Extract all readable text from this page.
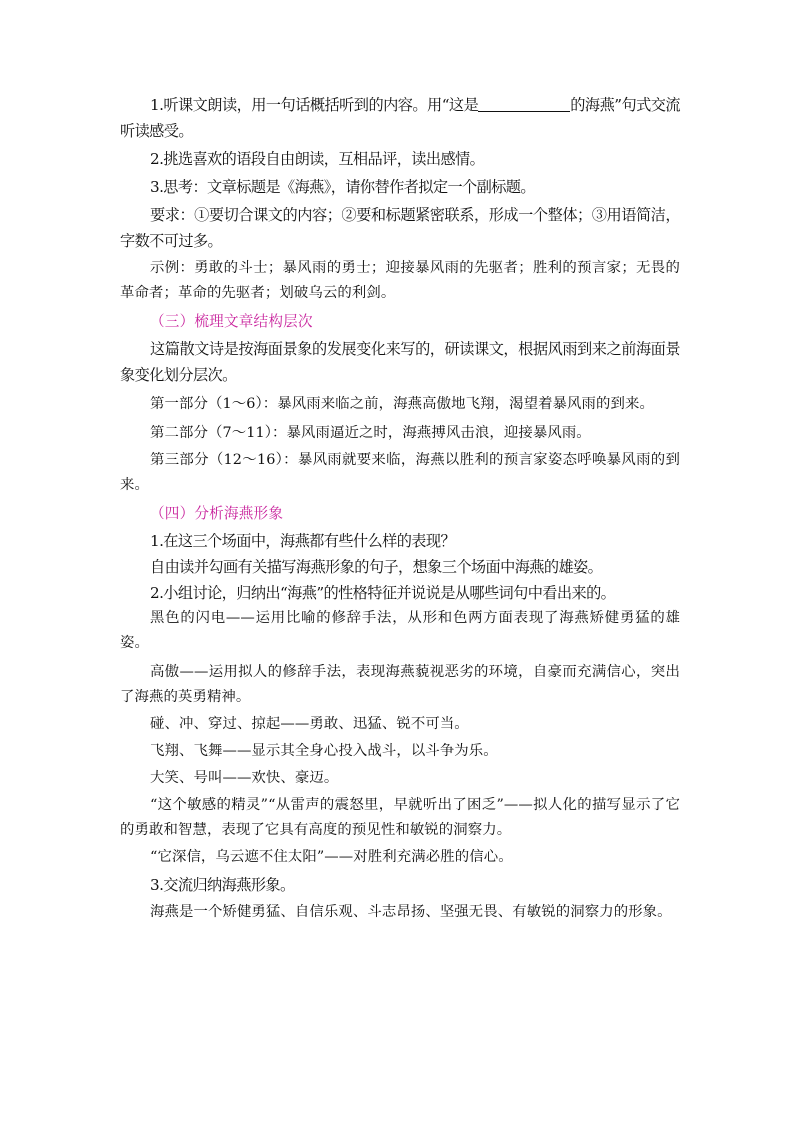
1.听课文朗读，用一句话概括听到的内容。用“这是	的海燕”句式交流听读感受。

2.挑选喜欢的语段自由朗读，互相品评，读出感情。

3.思考：文章标题是《海燕》，请你替作者拟定一个副标题。

要求：①要切合课文的内容；②要和标题紧密联系，形成一个整体；③用语简洁，字数不可过多。

示例：勇敢的斗士；暴风雨的勇士；迎接暴风雨的先驱者；胜利的预言家；无畏的革命者；革命的先驱者；划破乌云的利剑。

（三）梳理文章结构层次

这篇散文诗是按海面景象的发展变化来写的，研读课文，根据风雨到来之前海面景象变化划分层次。

第一部分（1～6）：暴风雨来临之前，海燕高傲地飞翔，渴望着暴风雨的到来。

第二部分（7～11）：暴风雨逼近之时，海燕搏风击浪，迎接暴风雨。

第三部分（12～16）：暴风雨就要来临，海燕以胜利的预言家姿态呼唤暴风雨的到来。

（四）分析海燕形象

1.在这三个场面中，海燕都有些什么样的表现？

自由读并勾画有关描写海燕形象的句子，想象三个场面中海燕的雄姿。

2.小组讨论，归纳出“海燕”的性格特征并说说是从哪些词句中看出来的。

黑色的闪电——运用比喻的修辞手法，从形和色两方面表现了海燕矫健勇猛的雄姿。

高傲——运用拟人的修辞手法，表现海燕藐视恶劣的环境，自豪而充满信心，突出了海燕的英勇精神。

碰、冲、穿过、掠起——勇敢、迅猛、锐不可当。

飞翔、飞舞——显示其全身心投入战斗，以斗争为乐。

大笑、号叫——欢快、豪迈。

“这个敏感的精灵”“从雷声的震怒里，早就听出了困乏”——拟人化的描写显示了它的勇敢和智慧，表现了它具有高度的预见性和敏锐的洞察力。

“它深信，乌云遮不住太阳”——对胜利充满必胜的信心。

3.交流归纳海燕形象。

海燕是一个矫健勇猛、自信乐观、斗志昂扬、坚强无畏、有敏锐的洞察力的形象。
